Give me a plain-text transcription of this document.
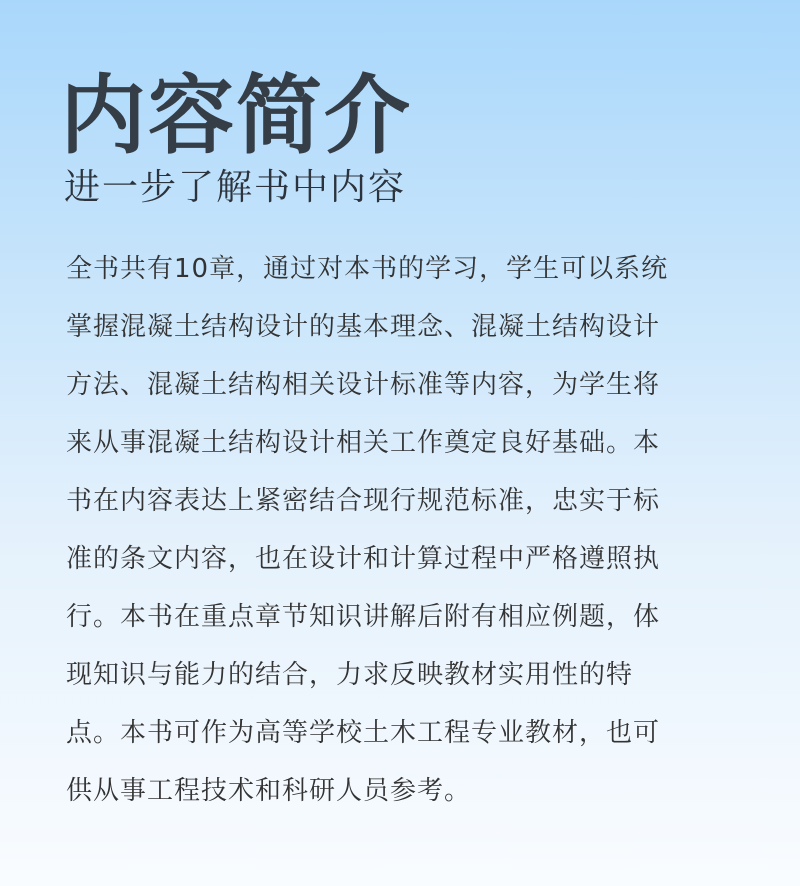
内容简介
进一步了解书中内容
全书共有10章，通过对本书的学习，学生可以系统
掌握混凝土结构设计的基本理念、混凝土结构设计
方法、混凝土结构相关设计标准等内容，为学生将
来从事混凝土结构设计相关工作奠定良好基础。本
书在内容表达上紧密结合现行规范标准，忠实于标
准的条文内容，也在设计和计算过程中严格遵照执
行。本书在重点章节知识讲解后附有相应例题，体
现知识与能力的结合，力求反映教材实用性的特
点。本书可作为高等学校土木工程专业教材，也可
供从事工程技术和科研人员参考。
